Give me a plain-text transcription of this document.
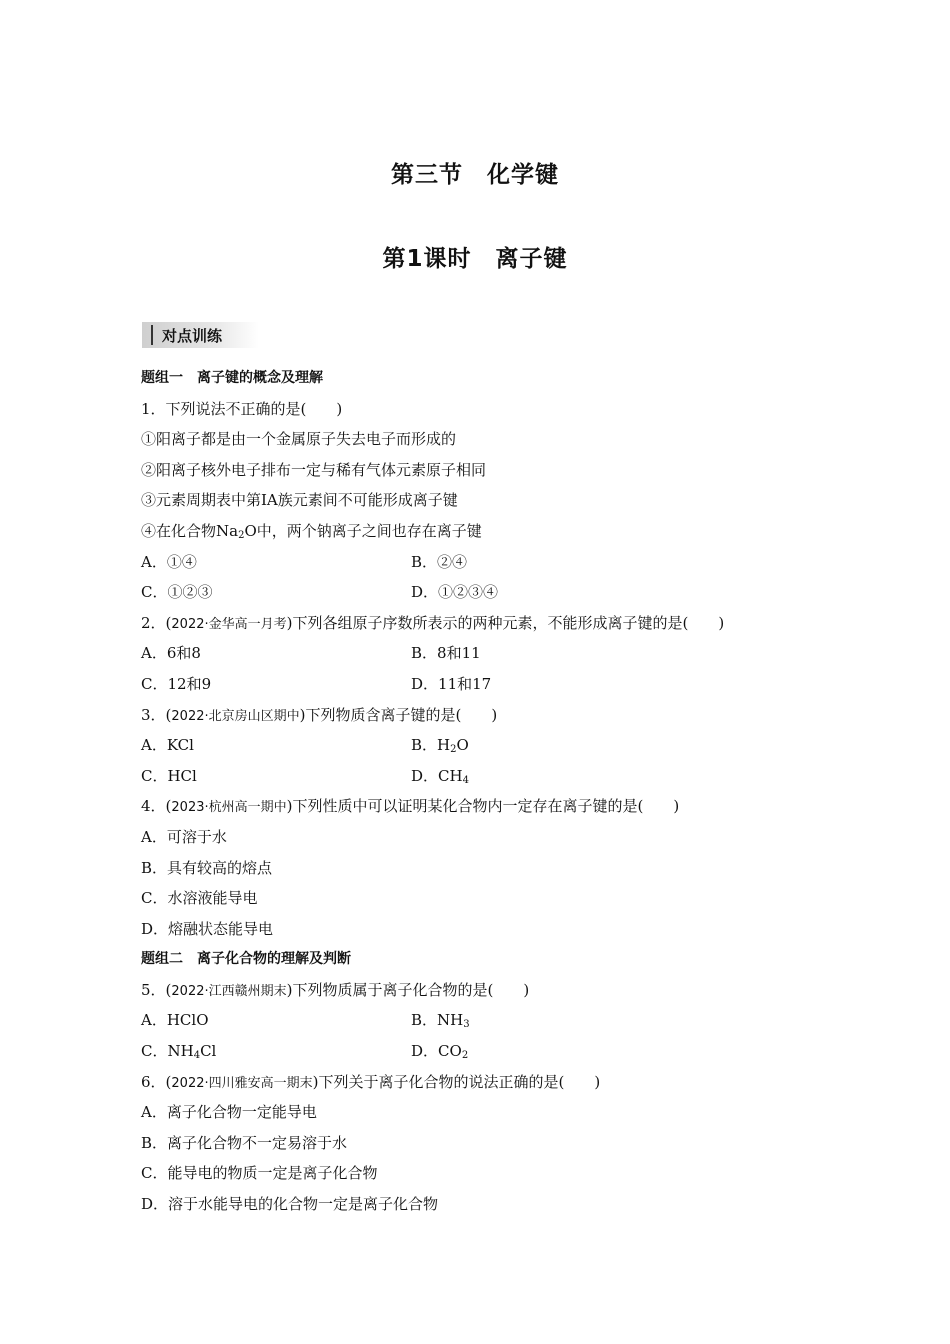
第三节　化学键
第1课时　离子键
对点训练
题组一　离子键的概念及理解
1．下列说法不正确的是(　　)
①阳离子都是由一个金属原子失去电子而形成的
②阳离子核外电子排布一定与稀有气体元素原子相同
③元素周期表中第ⅠA族元素间不可能形成离子键
④在化合物$Na_2O$中，两个钠离子之间也存在离子键
A．①④	B．②④
C．①②③	D．①②③④
2．(2022·金华高一月考)下列各组原子序数所表示的两种元素，不能形成离子键的是(　　)
A．6和8	B．8和11
C．12和9	D．11和17
3．(2022·北京房山区期中)下列物质含离子键的是(　　)
A．KCl	B．$H_2O$
C．HCl	D．$CH_4$
4．(2023·杭州高一期中)下列性质中可以证明某化合物内一定存在离子键的是(　　)
A．可溶于水
B．具有较高的熔点
C．水溶液能导电
D．熔融状态能导电
题组二　离子化合物的理解及判断
5．(2022·江西赣州期末)下列物质属于离子化合物的是(　　)
A．HClO	B．$NH_3$
C．$NH_4Cl$	D．$CO_2$
6．(2022·四川雅安高一期末)下列关于离子化合物的说法正确的是(　　)
A．离子化合物一定能导电
B．离子化合物不一定易溶于水
C．能导电的物质一定是离子化合物
D．溶于水能导电的化合物一定是离子化合物
